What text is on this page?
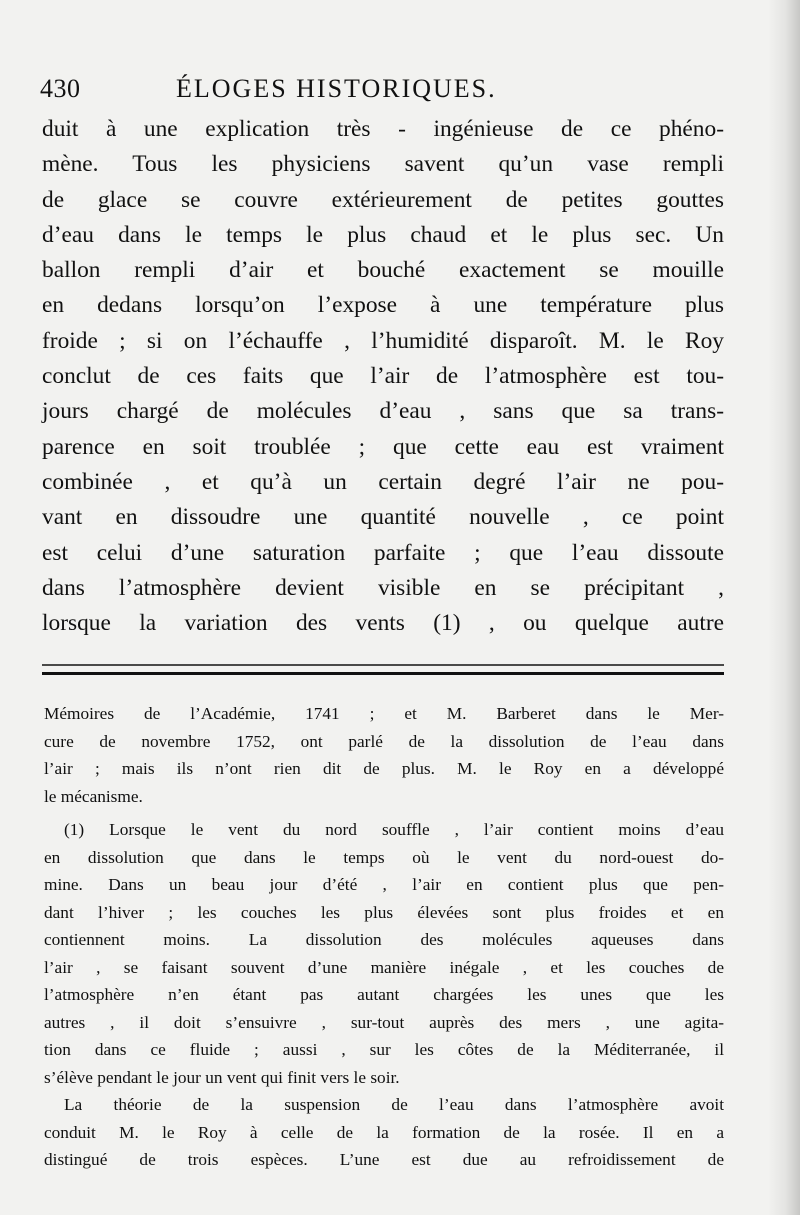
430	ÉLOGES HISTORIQUES.
duit à une explication très - ingénieuse de ce phéno-
mène. Tous les physiciens savent qu’un vase rempli
de glace se couvre extérieurement de petites gouttes
d’eau dans le temps le plus chaud et le plus sec. Un
ballon rempli d’air et bouché exactement se mouille
en dedans lorsqu’on l’expose à une température plus
froide ; si on l’échauffe , l’humidité disparoît. M. le Roy
conclut de ces faits que l’air de l’atmosphère est tou-
jours chargé de molécules d’eau , sans que sa trans-
parence en soit troublée ; que cette eau est vraiment
combinée , et qu’à un certain degré l’air ne pou-
vant en dissoudre une quantité nouvelle , ce point
est celui d’une saturation parfaite ; que l’eau dissoute
dans l’atmosphère devient visible en se précipitant ,
lorsque la variation des vents (1) , ou quelque autre
Mémoires de l’Académie, 1741 ; et M. Barberet dans le Mer-
cure de novembre 1752, ont parlé de la dissolution de l’eau dans
l’air ; mais ils n’ont rien dit de plus. M. le Roy en a développé
le mécanisme.
(1) Lorsque le vent du nord souffle , l’air contient moins d’eau
en dissolution que dans le temps où le vent du nord-ouest do-
mine. Dans un beau jour d’été , l’air en contient plus que pen-
dant l’hiver ; les couches les plus élevées sont plus froides et en
contiennent moins. La dissolution des molécules aqueuses dans
l’air , se faisant souvent d’une manière inégale , et les couches de
l’atmosphère n’en étant pas autant chargées les unes que les
autres , il doit s’ensuivre , sur-tout auprès des mers , une agita-
tion dans ce fluide ; aussi , sur les côtes de la Méditerranée, il
s’élève pendant le jour un vent qui finit vers le soir.
La théorie de la suspension de l’eau dans l’atmosphère avoit
conduit M. le Roy à celle de la formation de la rosée. Il en a
distingué de trois espèces. L’une est due au refroidissement de
